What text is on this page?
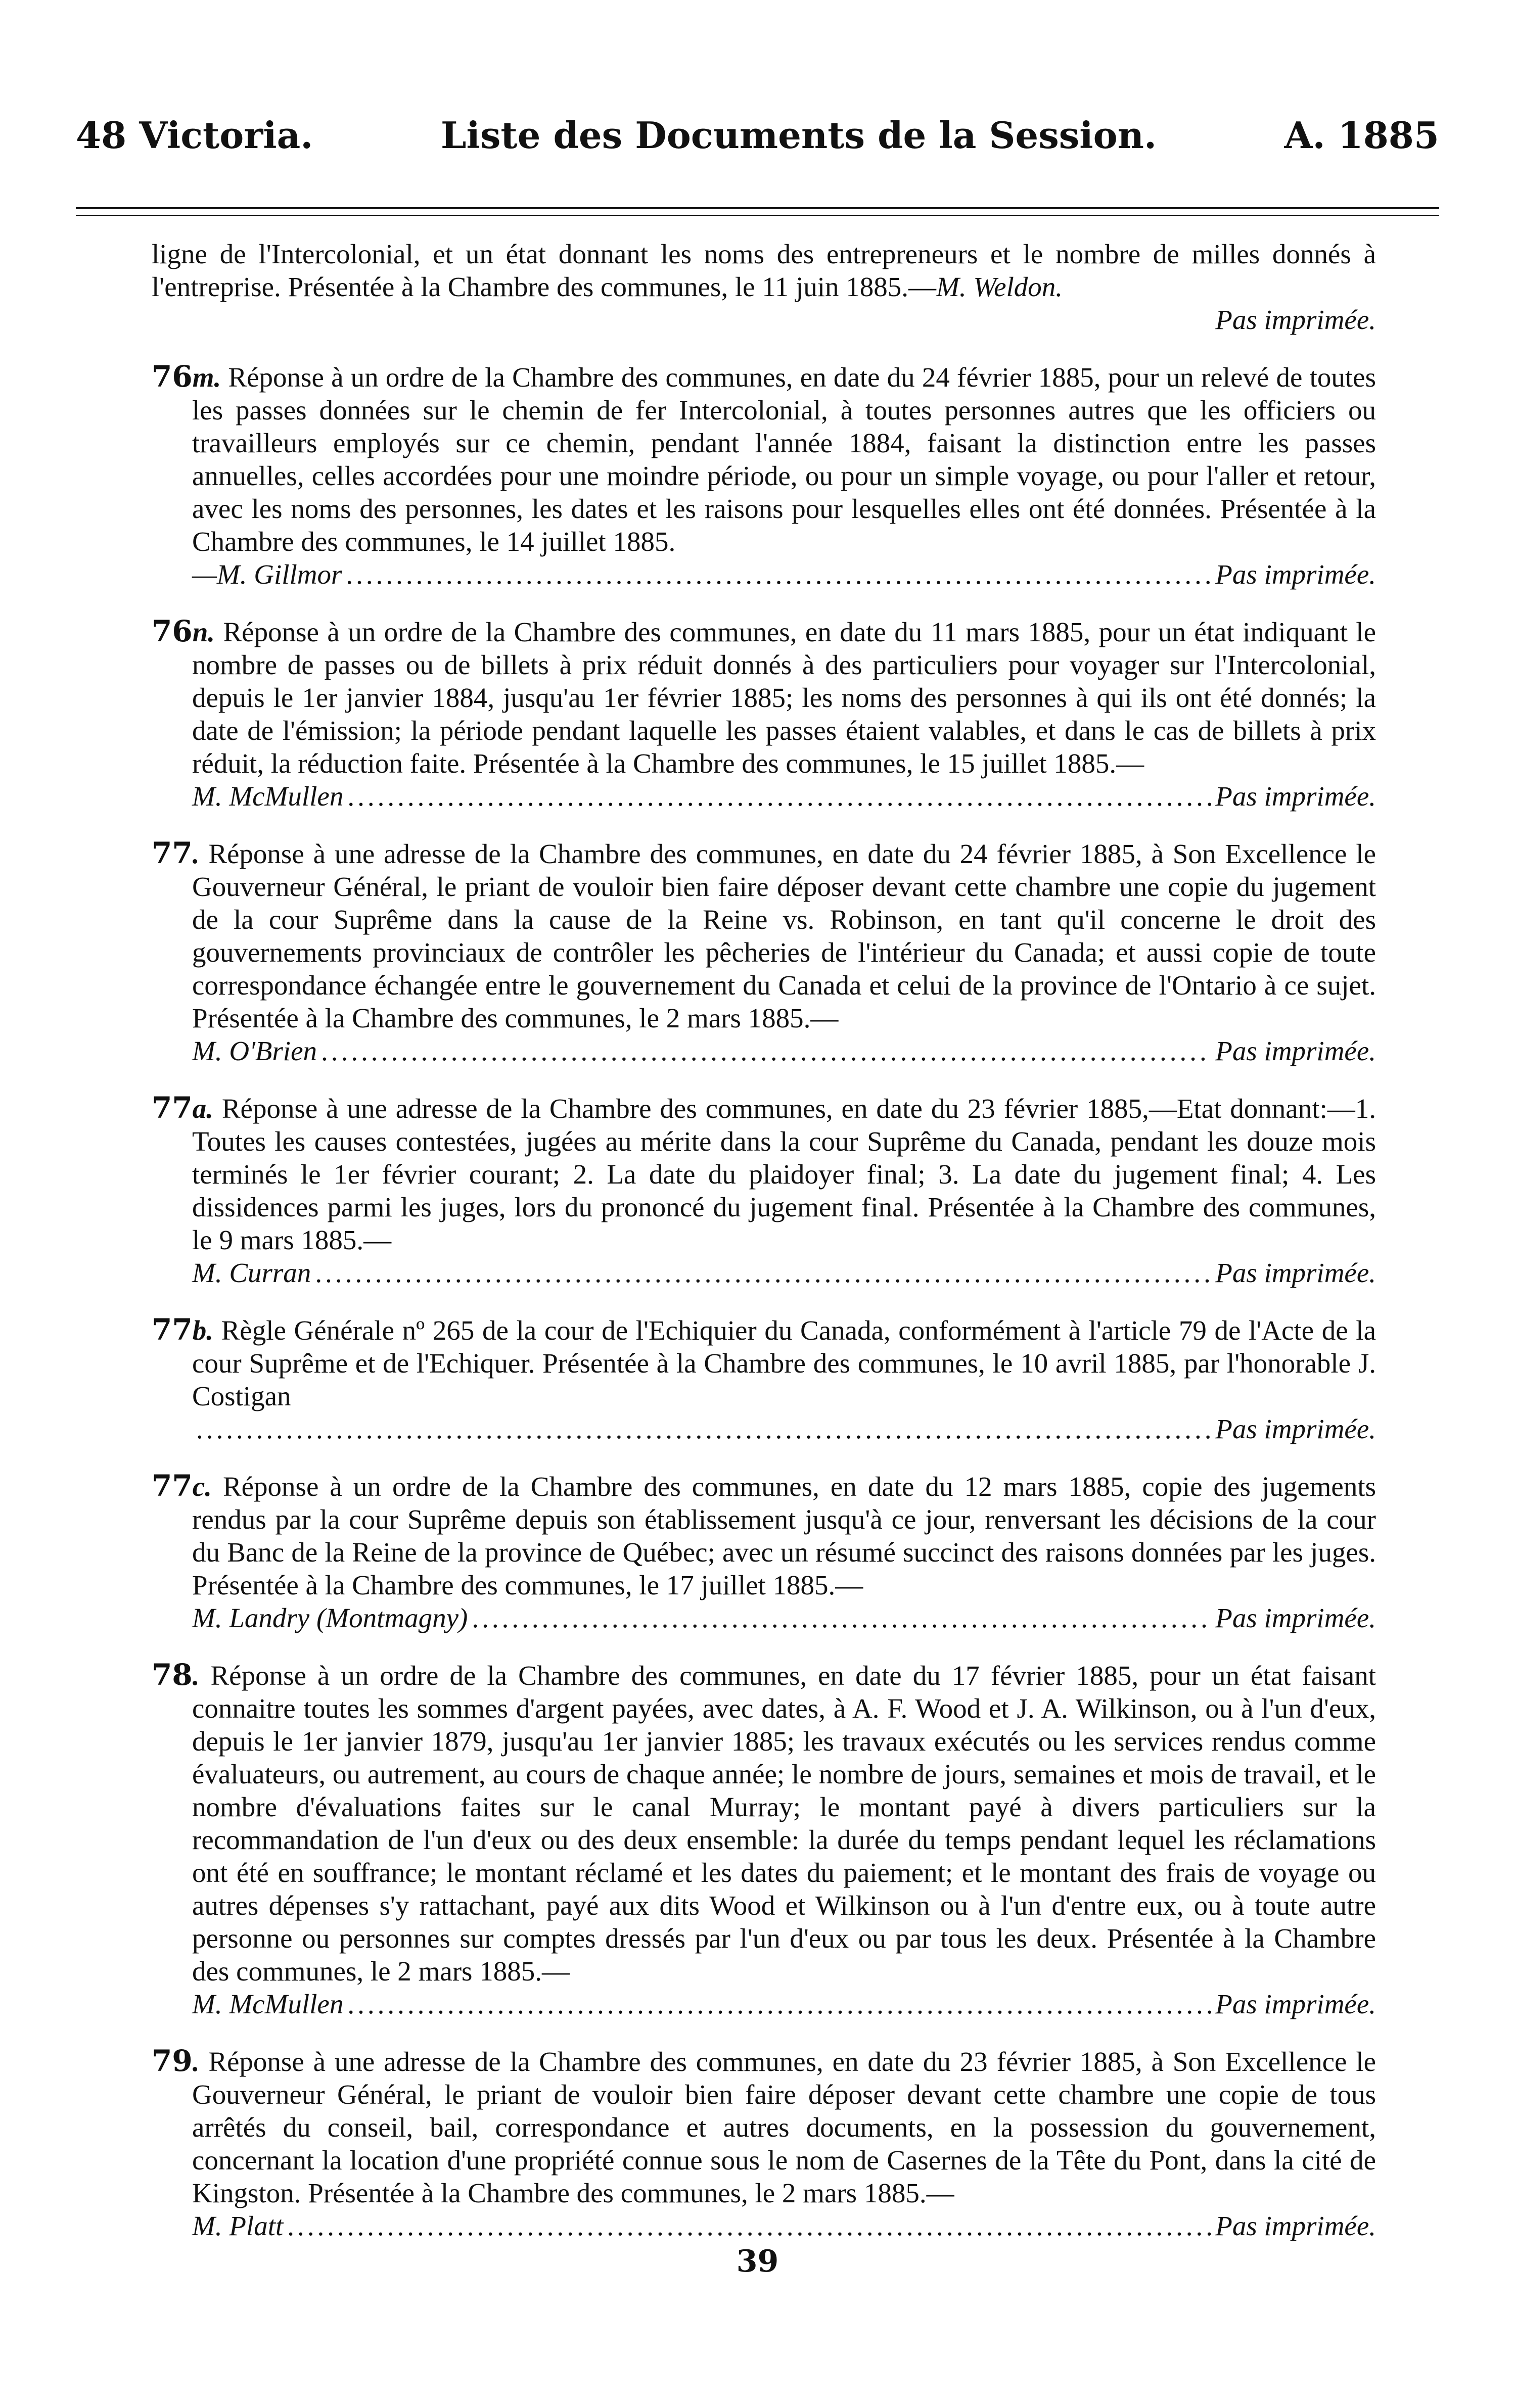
48 Victoria.	Liste des Documents de la Session.	A. 1885

ligne de l'Intercolonial, et un état donnant les noms des entrepreneurs et le nombre de milles donnés à l'entreprise. Présentée à la Chambre des communes, le 11 juin 1885.—M. Weldon.

Pas imprimée.

76m. Réponse à un ordre de la Chambre des communes, en date du 24 février 1885, pour un relevé de toutes les passes données sur le chemin de fer Intercolonial, à toutes personnes autres que les officiers ou travailleurs employés sur ce chemin, pendant l'année 1884, faisant la distinction entre les passes annuelles, celles accordées pour une moindre période, ou pour un simple voyage, ou pour l'aller et retour, avec les noms des personnes, les dates et les raisons pour lesquelles elles ont été données. Présentée à la Chambre des communes, le 14 juillet 1885.

—M. Gillmor .....	Pas imprimée.

76n. Réponse à un ordre de la Chambre des communes, en date du 11 mars 1885, pour un état indiquant le nombre de passes ou de billets à prix réduit donnés à des particuliers pour voyager sur l'Intercolonial, depuis le 1er janvier 1884, jusqu'au 1er février 1885; les noms des personnes à qui ils ont été donnés; la date de l'émission; la période pendant laquelle les passes étaient valables, et dans le cas de billets à prix réduit, la réduction faite. Présentée à la Chambre des communes, le 15 juillet 1885.—

M. McMullen .....	Pas imprimée.

77. Réponse à une adresse de la Chambre des communes, en date du 24 février 1885, à Son Excellence le Gouverneur Général, le priant de vouloir bien faire déposer devant cette chambre une copie du jugement de la cour Suprême dans la cause de la Reine vs. Robinson, en tant qu'il concerne le droit des gouvernements provinciaux de contrôler les pêcheries de l'intérieur du Canada; et aussi copie de toute correspondance échangée entre le gouvernement du Canada et celui de la province de l'Ontario à ce sujet. Présentée à la Chambre des communes, le 2 mars 1885.—

M. O'Brien .....	Pas imprimée.

77a. Réponse à une adresse de la Chambre des communes, en date du 23 février 1885,—Etat donnant:—1. Toutes les causes contestées, jugées au mérite dans la cour Suprême du Canada, pendant les douze mois terminés le 1er février courant; 2. La date du plaidoyer final; 3. La date du jugement final; 4. Les dissidences parmi les juges, lors du prononcé du jugement final. Présentée à la Chambre des communes, le 9 mars 1885.—

M. Curran .....	Pas imprimée.

77b. Règle Générale nº 265 de la cour de l'Echiquier du Canada, conformément à l'article 79 de l'Acte de la cour Suprême et de l'Echiquer. Présentée à la Chambre des communes, le 10 avril 1885, par l'honorable J. Costigan

.....
Pas imprimée.

77c. Réponse à un ordre de la Chambre des communes, en date du 12 mars 1885, copie des jugements rendus par la cour Suprême depuis son établissement jusqu'à ce jour, renversant les décisions de la cour du Banc de la Reine de la province de Québec; avec un résumé succinct des raisons données par les juges. Présentée à la Chambre des communes, le 17 juillet 1885.—

M. Landry (Montmagny) .....	Pas imprimée.

78. Réponse à un ordre de la Chambre des communes, en date du 17 février 1885, pour un état faisant connaitre toutes les sommes d'argent payées, avec dates, à A. F. Wood et J. A. Wilkinson, ou à l'un d'eux, depuis le 1er janvier 1879, jusqu'au 1er janvier 1885; les travaux exécutés ou les services rendus comme évaluateurs, ou autrement, au cours de chaque année; le nombre de jours, semaines et mois de travail, et le nombre d'évaluations faites sur le canal Murray; le montant payé à divers particuliers sur la recommandation de l'un d'eux ou des deux ensemble: la durée du temps pendant lequel les réclamations ont été en souffrance; le montant réclamé et les dates du paiement; et le montant des frais de voyage ou autres dépenses s'y rattachant, payé aux dits Wood et Wilkinson ou à l'un d'entre eux, ou à toute autre personne ou personnes sur comptes dressés par l'un d'eux ou par tous les deux. Présentée à la Chambre des communes, le 2 mars 1885.—

M. McMullen .....	Pas imprimée.

79. Réponse à une adresse de la Chambre des communes, en date du 23 février 1885, à Son Excellence le Gouverneur Général, le priant de vouloir bien faire déposer devant cette chambre une copie de tous arrêtés du conseil, bail, correspondance et autres documents, en la possession du gouvernement, concernant la location d'une propriété connue sous le nom de Casernes de la Tête du Pont, dans la cité de Kingston. Présentée à la Chambre des communes, le 2 mars 1885.—

M. Platt .....	Pas imprimée.
39
